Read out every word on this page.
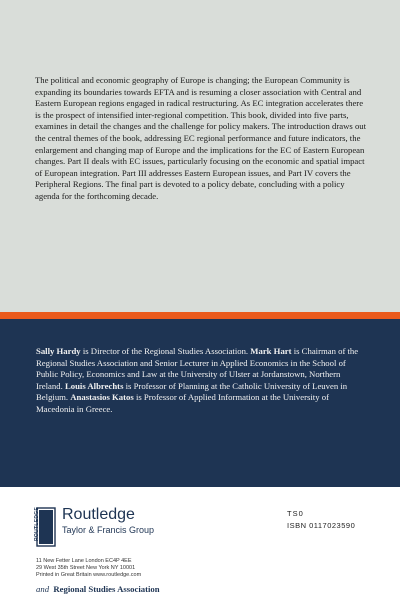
The political and economic geography of Europe is changing; the European Community is expanding its boundaries towards EFTA and is resuming a closer association with Central and Eastern European regions engaged in radical restructuring. As EC integration accelerates there is the prospect of intensified inter-regional competition. This book, divided into five parts, examines in detail the changes and the challenge for policy makers. The introduction draws out the central themes of the book, addressing EC regional performance and future indicators, the enlargement and changing map of Europe and the implications for the EC of Eastern European changes. Part II deals with EC issues, particularly focusing on the economic and spatial impact of European integration. Part III addresses Eastern European issues, and Part IV covers the Peripheral Regions. The final part is devoted to a policy debate, concluding with a policy agenda for the forthcoming decade.

Sally Hardy is Director of the Regional Studies Association. Mark Hart is Chairman of the Regional Studies Association and Senior Lecturer in Applied Economics in the School of Public Policy, Economics and Law at the University of Ulster at Jordanstown, Northern Ireland. Louis Albrechts is Professor of Planning at the Catholic University of Leuven in Belgium. Anastasios Katos is Professor of Applied Information at the University of Macedonia in Greece.

ROUTLEDGE Routledge
Taylor & Francis Group
11 New Fetter Lane London EC4P 4EE
29 West 35th Street New York NY 10001
Printed in Great Britain www.routledge.com
and Regional Studies Association
TS0
ISBN 0117023590
